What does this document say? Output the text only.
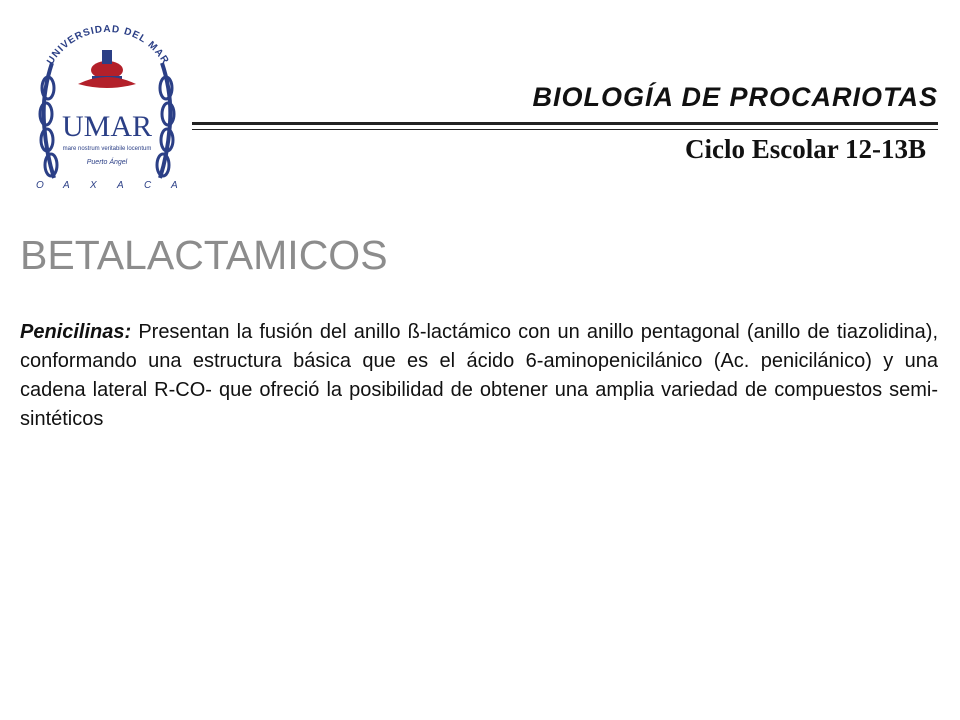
UNIVERSIDAD DEL MAR
UMAR
mare nostrum veritabile locentum
Puerto Ángel
O A X A C A
BIOLOGÍA DE PROCARIOTAS
Ciclo Escolar 12-13B
BETALACTAMICOS
Penicilinas: Presentan la fusión del anillo ß-lactámico con un anillo pentagonal (anillo de tiazolidina), conformando una estructura básica que es el ácido 6-aminopenicilánico (Ac. penicilánico) y una cadena lateral R-CO- que ofreció la posibilidad de obtener una amplia variedad de compuestos semi-sintéticos
